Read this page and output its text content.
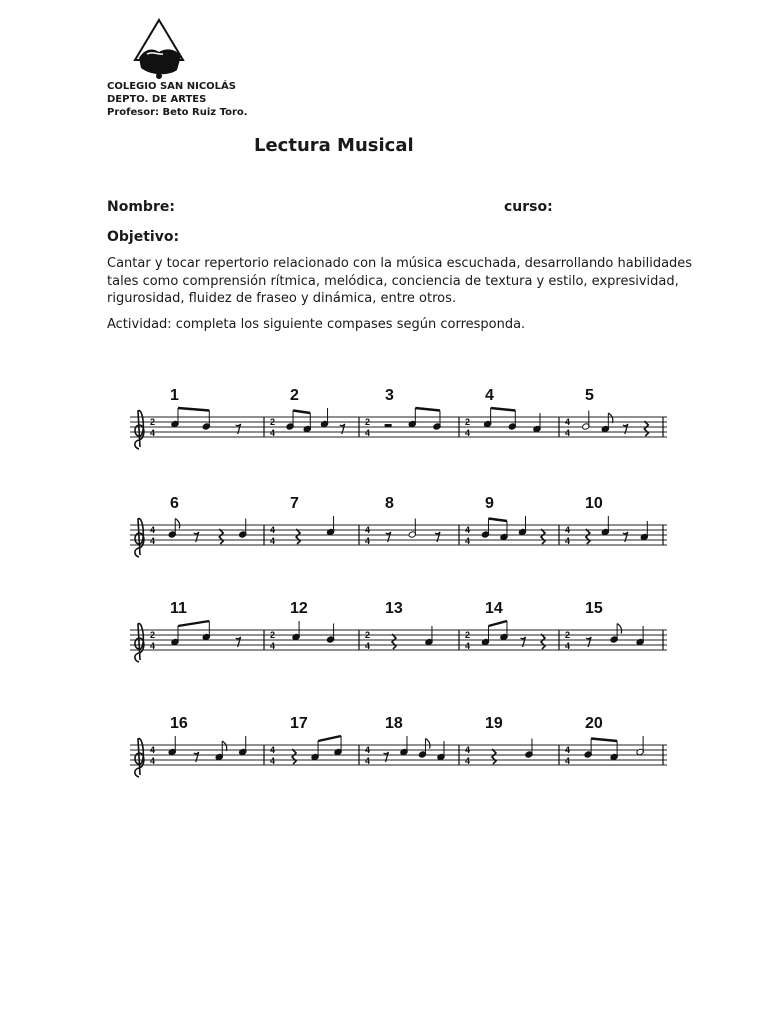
COLEGIO SAN NICOLÁS
DEPTO. DE ARTES
Profesor: Beto Ruiz Toro.
Lectura Musical
Nombre:	curso:
Objetivo:
Cantar y tocar repertorio relacionado con la música escuchada, desarrollando habilidades tales como comprensión rítmica, melódica, conciencia de textura y estilo, expresividad, rigurosidad, fluidez de fraseo y dinámica, entre otros.
Actividad: completa los siguiente compases según corresponda.
1
2
4
2
2
4
3
2
4
4
2
4
5
4
4
6
4
4
7
4
4
8
4
4
9
4
4
10
4
4
11
2
4
12
2
4
13
2
4
14
2
4
15
2
4
16
4
4
17
4
4
18
4
4
19
4
4
20
4
4
